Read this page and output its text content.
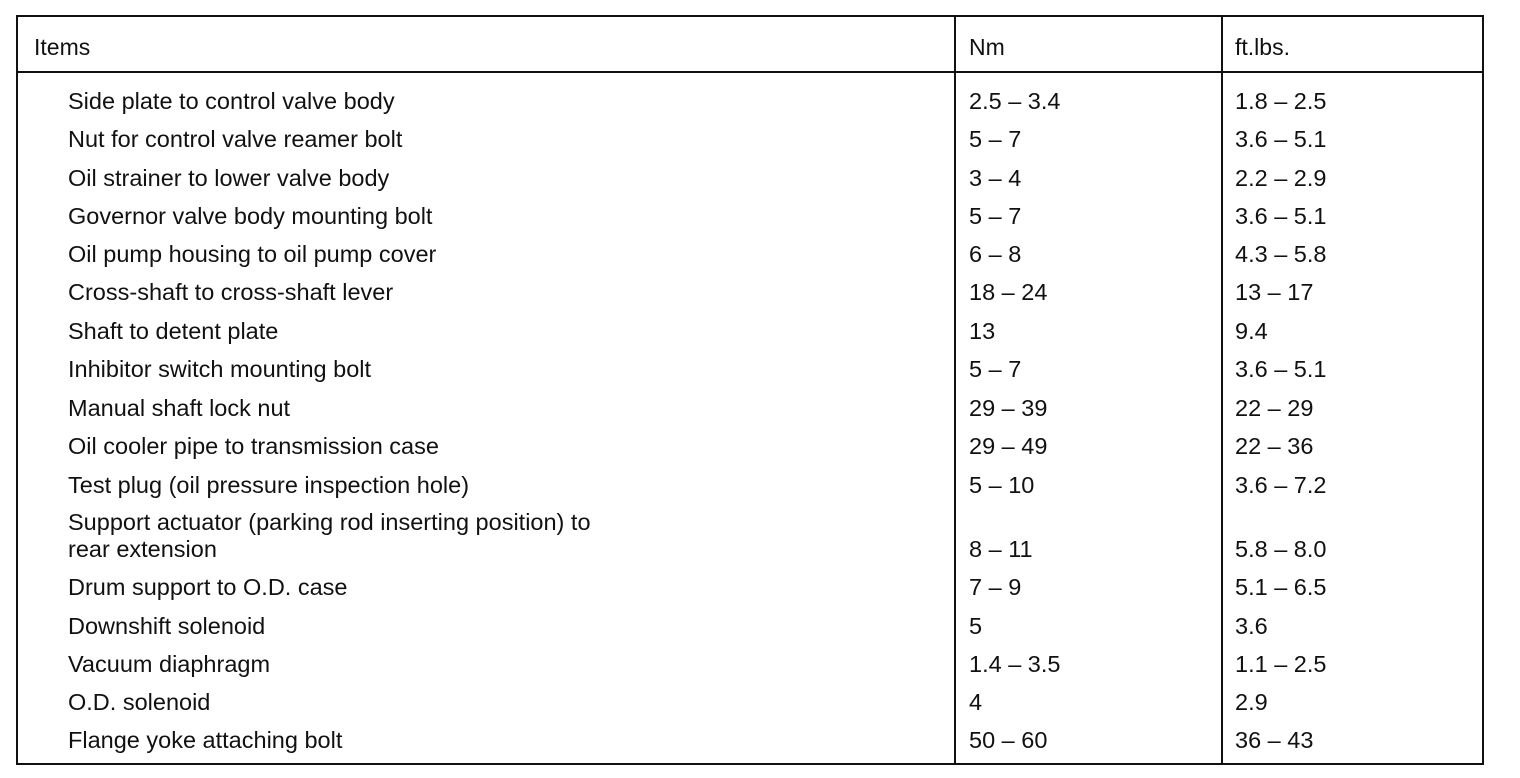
Items	Nm	ft.lbs.
Side plate to control valve body	2.5 – 3.4	1.8 – 2.5
Nut for control valve reamer bolt	5 – 7	3.6 – 5.1
Oil strainer to lower valve body	3 – 4	2.2 – 2.9
Governor valve body mounting bolt	5 – 7	3.6 – 5.1
Oil pump housing to oil pump cover	6 – 8	4.3 – 5.8
Cross-shaft to cross-shaft lever	18 – 24	13 – 17
Shaft to detent plate	13	9.4
Inhibitor switch mounting bolt	5 – 7	3.6 – 5.1
Manual shaft lock nut	29 – 39	22 – 29
Oil cooler pipe to transmission case	29 – 49	22 – 36
Test plug (oil pressure inspection hole)	5 – 10	3.6 – 7.2
Support actuator (parking rod inserting position) to
rear extension	8 – 11	5.8 – 8.0
Drum support to O.D. case	7 – 9	5.1 – 6.5
Downshift solenoid	5	3.6
Vacuum diaphragm	1.4 – 3.5	1.1 – 2.5
O.D. solenoid	4	2.9
Flange yoke attaching bolt	50 – 60	36 – 43
